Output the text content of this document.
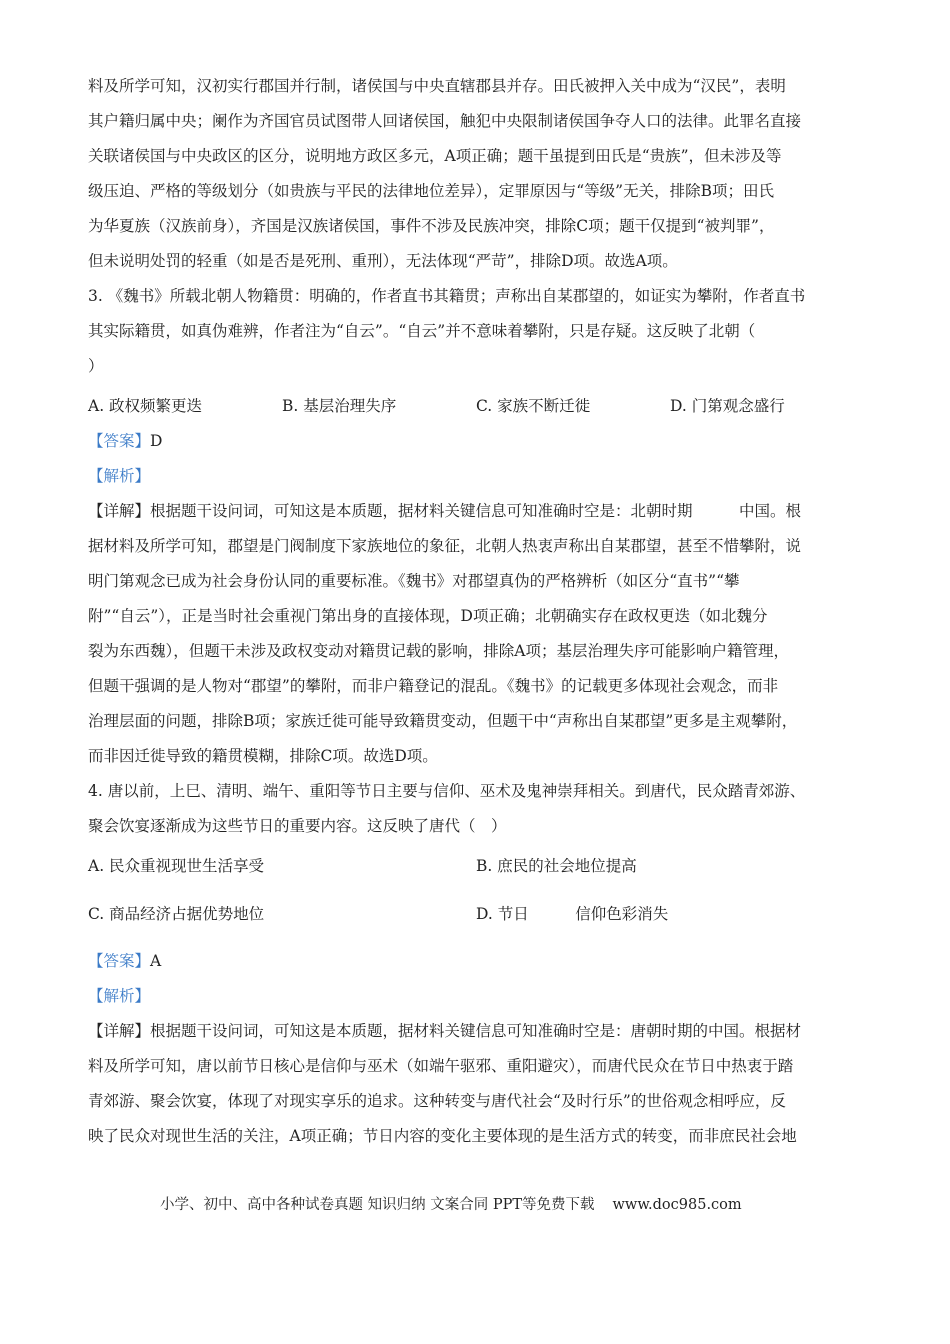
料及所学可知，汉初实行郡国并行制，诸侯国与中央直辖郡县并存。田氏被押入关中成为“汉民”，表明
其户籍归属中央；阑作为齐国官员试图带人回诸侯国，触犯中央限制诸侯国争夺人口的法律。此罪名直接
关联诸侯国与中央政区的区分，说明地方政区多元，A项正确；题干虽提到田氏是“贵族”，但未涉及等
级压迫、严格的等级划分（如贵族与平民的法律地位差异），定罪原因与“等级”无关，排除B项；田氏
为华夏族（汉族前身），齐国是汉族诸侯国，事件不涉及民族冲突，排除C项；题干仅提到“被判罪”，
但未说明处罚的轻重（如是否是死刑、重刑），无法体现“严苛”，排除D项。故选A项。
3. 《魏书》所载北朝人物籍贯：明确的，作者直书其籍贯；声称出自某郡望的，如证实为攀附，作者直书
其实际籍贯，如真伪难辨，作者注为“自云”。“自云”并不意味着攀附，只是存疑。这反映了北朝（
）
A. 政权频繁更迭	B. 基层治理失序	C. 家族不断迁徙	D. 门第观念盛行
【答案】D
【解析】
【详解】根据题干设问词，可知这是本质题，据材料关键信息可知准确时空是：北朝时期　　　中国。根
据材料及所学可知，郡望是门阀制度下家族地位的象征，北朝人热衷声称出自某郡望，甚至不惜攀附，说
明门第观念已成为社会身份认同的重要标准。《魏书》对郡望真伪的严格辨析（如区分“直书”“攀
附”“自云”），正是当时社会重视门第出身的直接体现，D项正确；北朝确实存在政权更迭（如北魏分
裂为东西魏），但题干未涉及政权变动对籍贯记载的影响，排除A项；基层治理失序可能影响户籍管理，
但题干强调的是人物对“郡望”的攀附，而非户籍登记的混乱。《魏书》的记载更多体现社会观念，而非
治理层面的问题，排除B项；家族迁徙可能导致籍贯变动，但题干中“声称出自某郡望”更多是主观攀附，
而非因迁徙导致的籍贯模糊，排除C项。故选D项。
4. 唐以前，上巳、清明、端午、重阳等节日主要与信仰、巫术及鬼神崇拜相关。到唐代，民众踏青郊游、
聚会饮宴逐渐成为这些节日的重要内容。这反映了唐代（　）
A. 民众重视现世生活享受	B. 庶民的社会地位提高
C. 商品经济占据优势地位	D. 节日　　　信仰色彩消失
【答案】A
【解析】
【详解】根据题干设问词，可知这是本质题，据材料关键信息可知准确时空是：唐朝时期的中国。根据材
料及所学可知，唐以前节日核心是信仰与巫术（如端午驱邪、重阳避灾），而唐代民众在节日中热衷于踏
青郊游、聚会饮宴，体现了对现实享乐的追求。这种转变与唐代社会“及时行乐”的世俗观念相呼应，反
映了民众对现世生活的关注，A项正确；节日内容的变化主要体现的是生活方式的转变，而非庶民社会地
小学、初中、高中各种试卷真题 知识归纳 文案合同 PPT等免费下载 www.doc985.com
